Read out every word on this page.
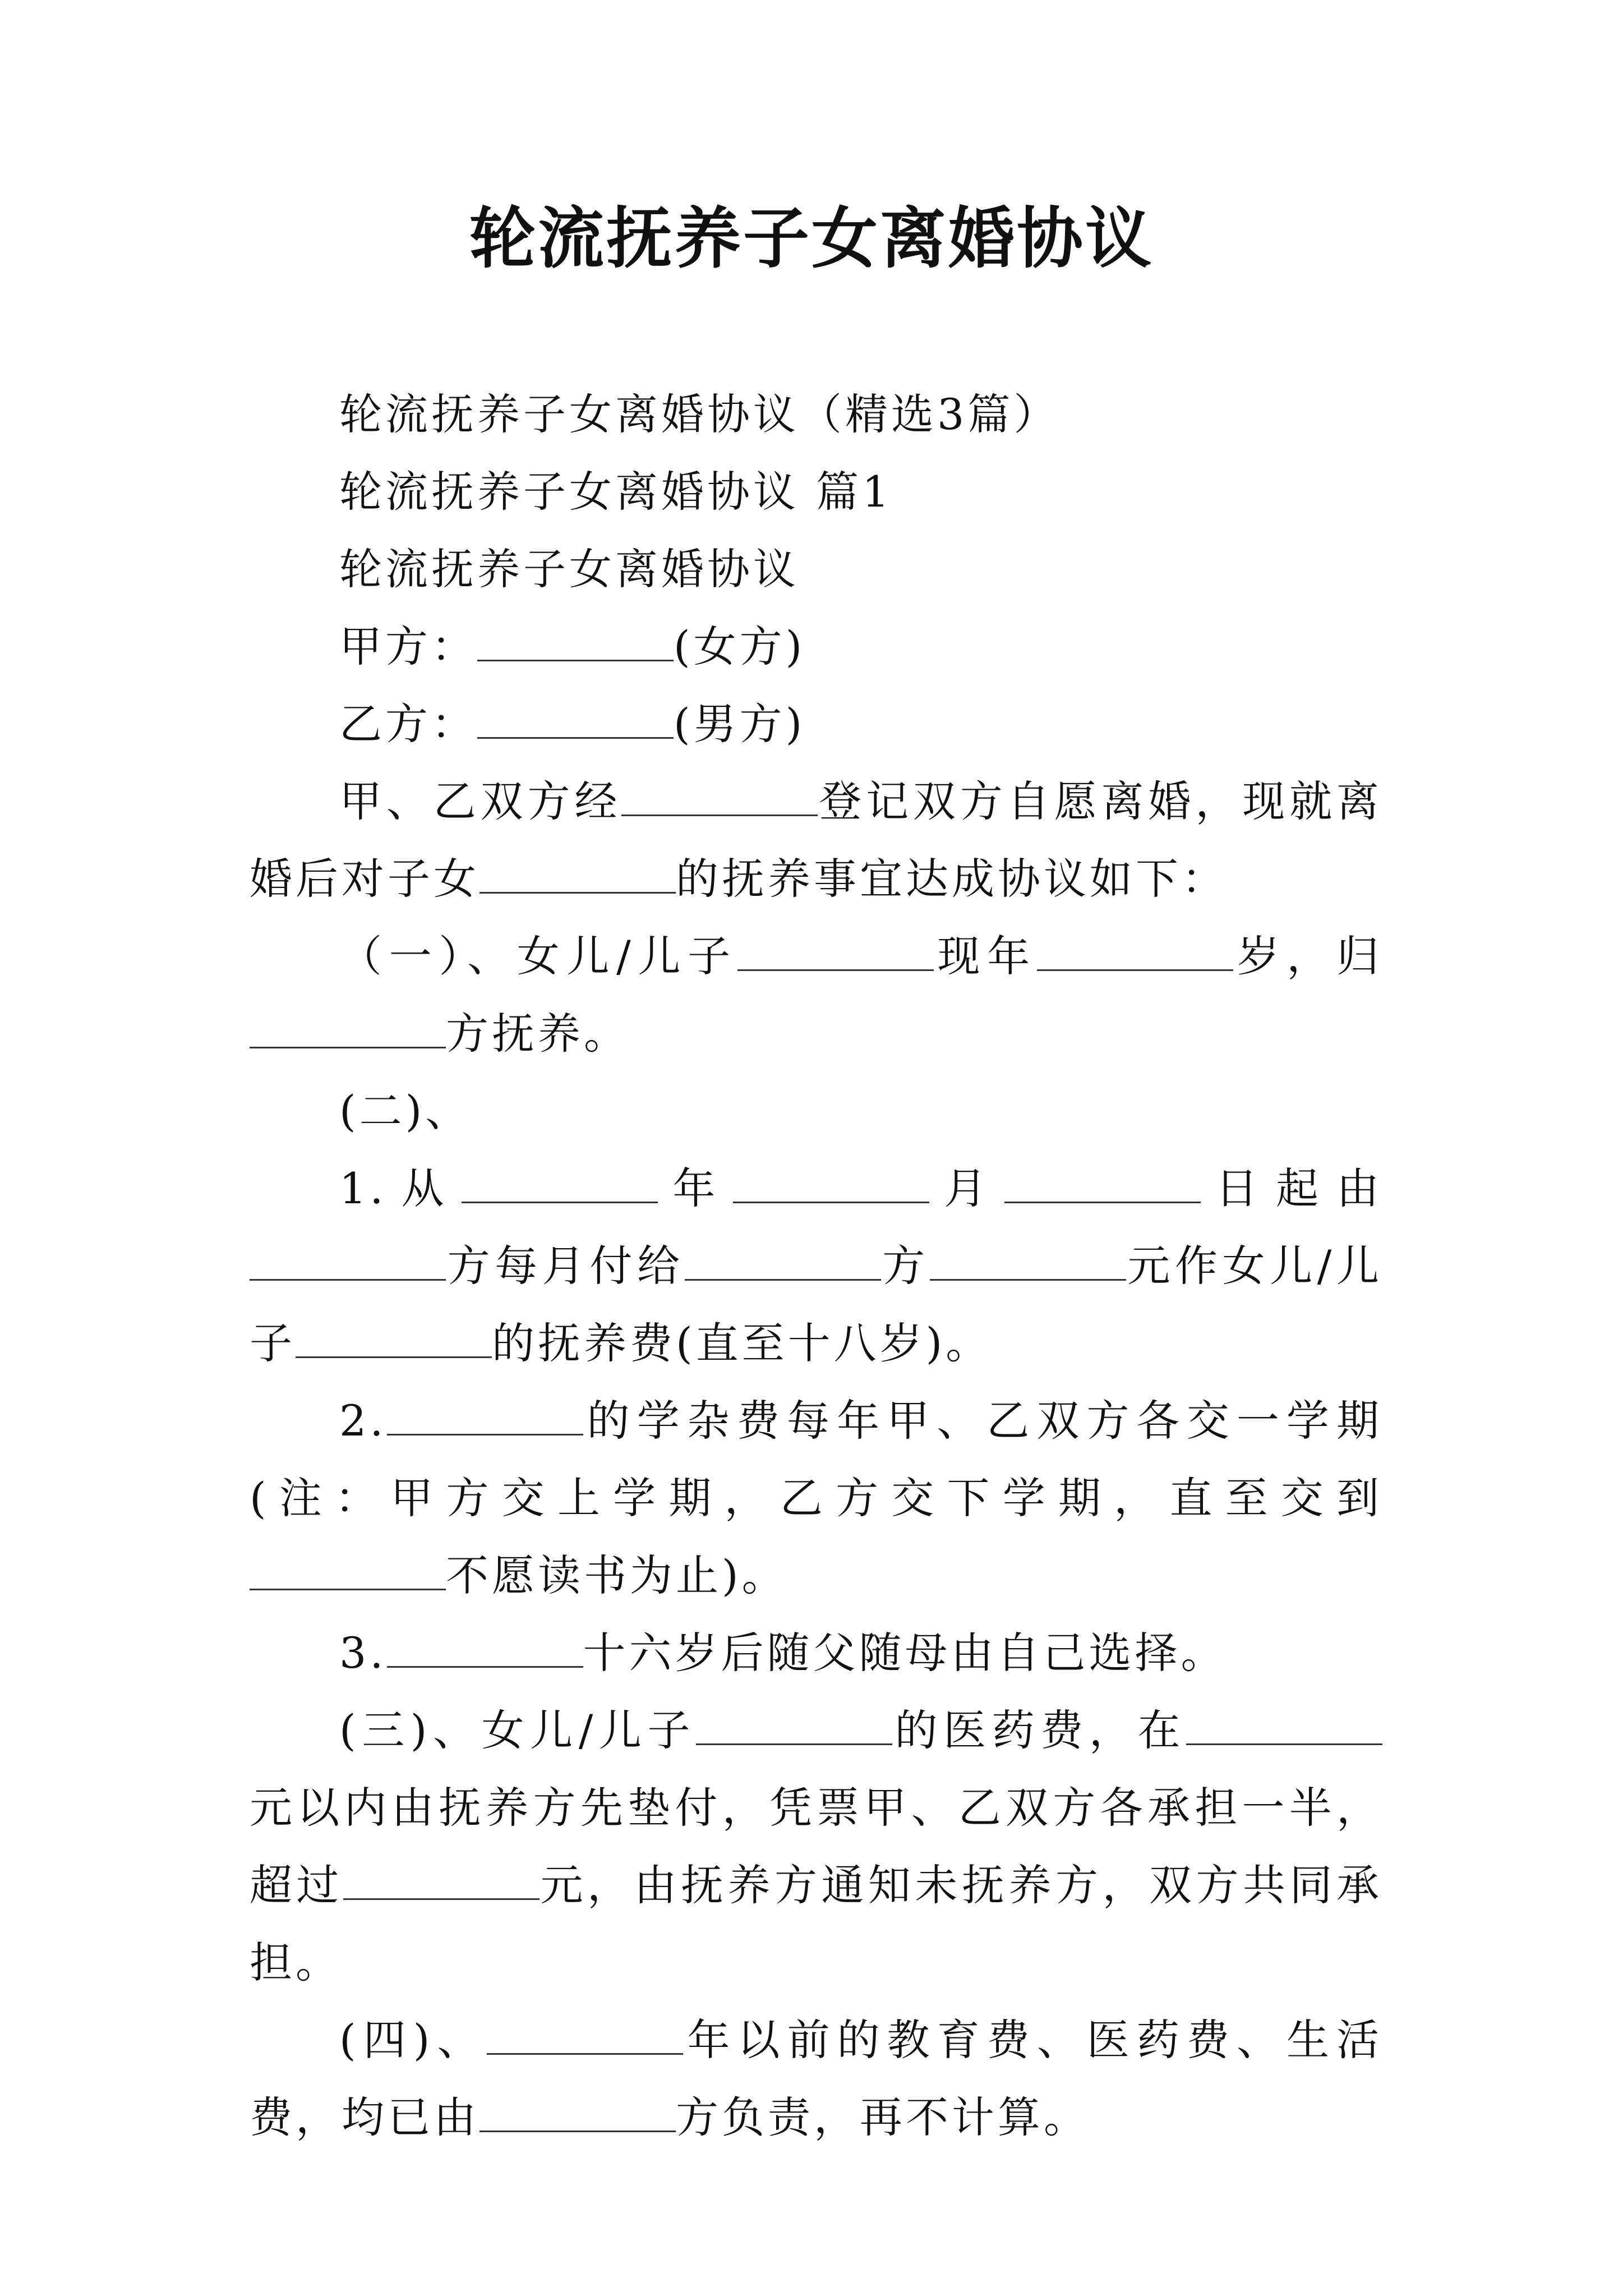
轮流抚养子女离婚协议
轮流抚养子女离婚协议（精选3篇）
轮流抚养子女离婚协议 篇1
轮流抚养子女离婚协议
甲方：	(女方)
乙方：	(男方)
甲、乙双方经	登记双方自愿离婚，现就离婚后对子女	的抚养事宜达成协议如下：
（一）、女儿/儿子	现年	岁，归方抚养。
(二)、
1.从	年	月	日起由方每月付给	方	元作女儿/儿子	的抚养费(直至十八岁)。
2.	的学杂费每年甲、乙双方各交一学期(注：甲方交上学期，乙方交下学期，直至交到不愿读书为止)。
3.	十六岁后随父随母由自己选择。
(三)、女儿/儿子	的医药费，在元以内由抚养方先垫付，凭票甲、乙双方各承担一半，超过	元，由抚养方通知未抚养方，双方共同承担。
(四)、	年以前的教育费、医药费、生活费，均已由	方负责，再不计算。
